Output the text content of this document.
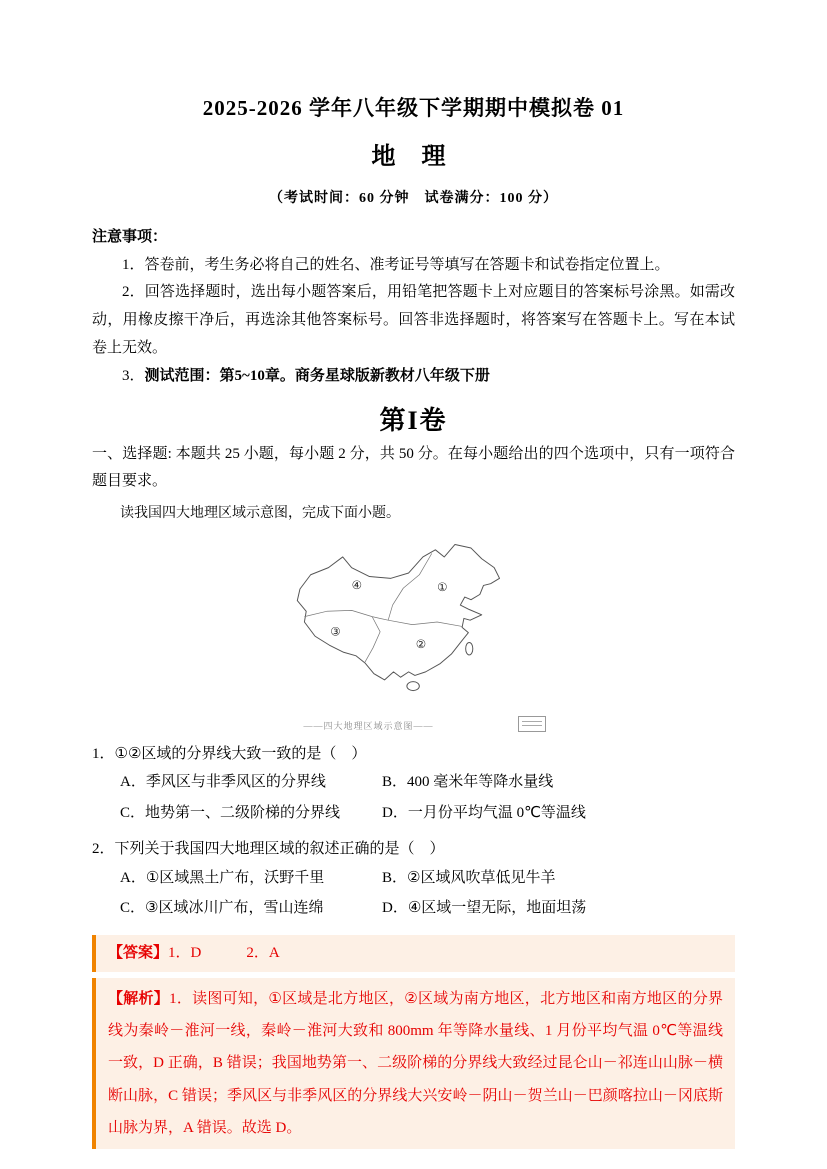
2025-2026 学年八年级下学期期中模拟卷 01
地 理
（考试时间：60 分钟　试卷满分：100 分）
注意事项：

1．答卷前，考生务必将自己的姓名、准考证号等填写在答题卡和试卷指定位置上。

2．回答选择题时，选出每小题答案后，用铅笔把答题卡上对应题目的答案标号涂黑。如需改动，用橡皮擦干净后，再选涂其他答案标号。回答非选择题时，将答案写在答题卡上。写在本试卷上无效。

3．测试范围：第5~10章。商务星球版新教材八年级下册

第I卷

一、选择题: 本题共 25 小题，每小题 2 分，共 50 分。在每小题给出的四个选项中，只有一项符合题目要求。

读我国四大地理区域示意图，完成下面小题。

①
②
③
④
——四大地理区域示意图——

1．①②区域的分界线大致一致的是（　）

A．季风区与非季风区的分界线	B．400 毫米年等降水量线
C．地势第一、二级阶梯的分界线	D．一月份平均气温 0℃等温线

2．下列关于我国四大地理区域的叙述正确的是（　）

A．①区域黑土广布，沃野千里	B．②区域风吹草低见牛羊
C．③区域冰川广布，雪山连绵	D．④区域一望无际，地面坦荡
【答案】1．D　　　2．A
【解析】1．读图可知，①区域是北方地区，②区域为南方地区，北方地区和南方地区的分界线为秦岭－淮河一线，秦岭－淮河大致和 800mm 年等降水量线、1 月份平均气温 0℃等温线一致，D 正确，B 错误；我国地势第一、二级阶梯的分界线大致经过昆仑山－祁连山山脉－横断山脉，C 错误；季风区与非季风区的分界线大兴安岭－阴山－贺兰山－巴颜喀拉山－冈底斯山脉为界，A 错误。故选 D。
